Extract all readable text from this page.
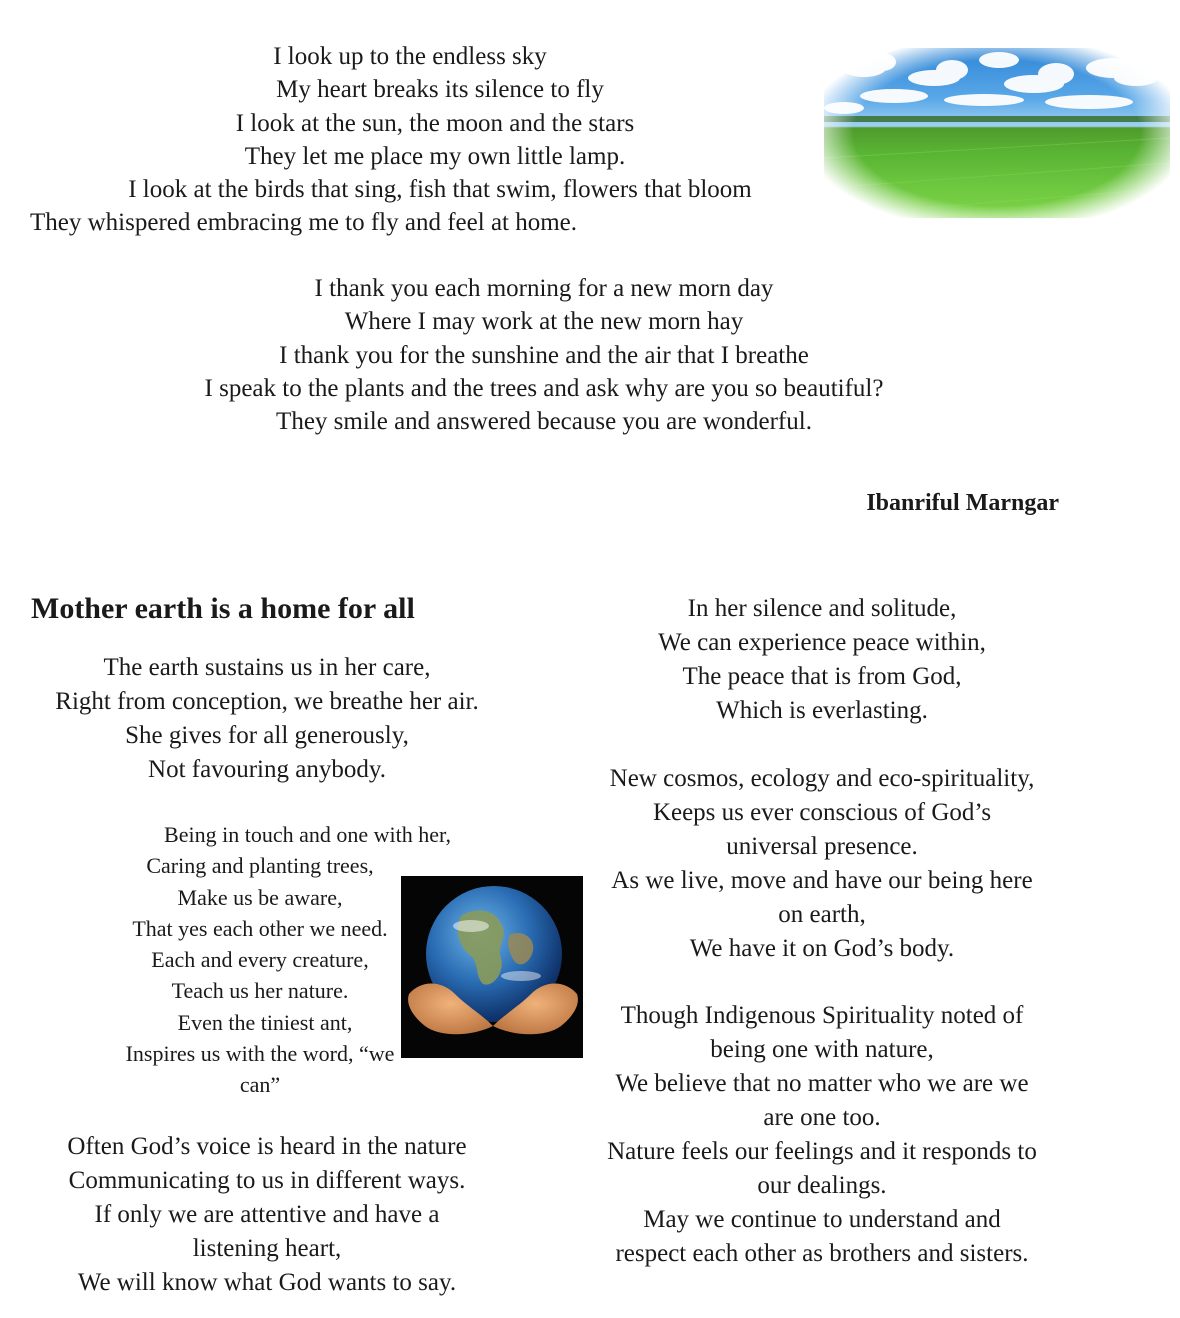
I look up to the endless sky
My heart breaks its silence to fly
I look at the sun, the moon and the stars
They let me place my own little lamp.
I look at the birds that sing, fish that swim, flowers that bloom
They whispered embracing me to fly and feel at home.
I thank you each morning for a new morn day
Where I may work at the new morn hay
I thank you for the sunshine and the air that I breathe
I speak to the plants and the trees and ask why are you so beautiful?
They smile and answered because you are wonderful.

Ibanriful Marngar

Mother earth is a home for all
The earth sustains us in her care,
Right from conception, we breathe her air.
She gives for all generously,
Not favouring anybody.
Being in touch and one with her,
Caring and planting trees,
Make us be aware,
That yes each other we need.
Each and every creature,
Teach us her nature.
Even the tiniest ant,
Inspires us with the word, “we
can”
Often God’s voice is heard in the nature
Communicating to us in different ways.
If only we are attentive and have a
listening heart,
We will know what God wants to say.
In her silence and solitude,
We can experience peace within,
The peace that is from God,
Which is everlasting.
New cosmos, ecology and eco-spirituality,
Keeps us ever conscious of God’s
universal presence.
As we live, move and have our being here
on earth,
We have it on God’s body.
Though Indigenous Spirituality noted of
being one with nature,
We believe that no matter who we are we
are one too.
Nature feels our feelings and it responds to
our dealings.
May we continue to understand and
respect each other as brothers and sisters.
